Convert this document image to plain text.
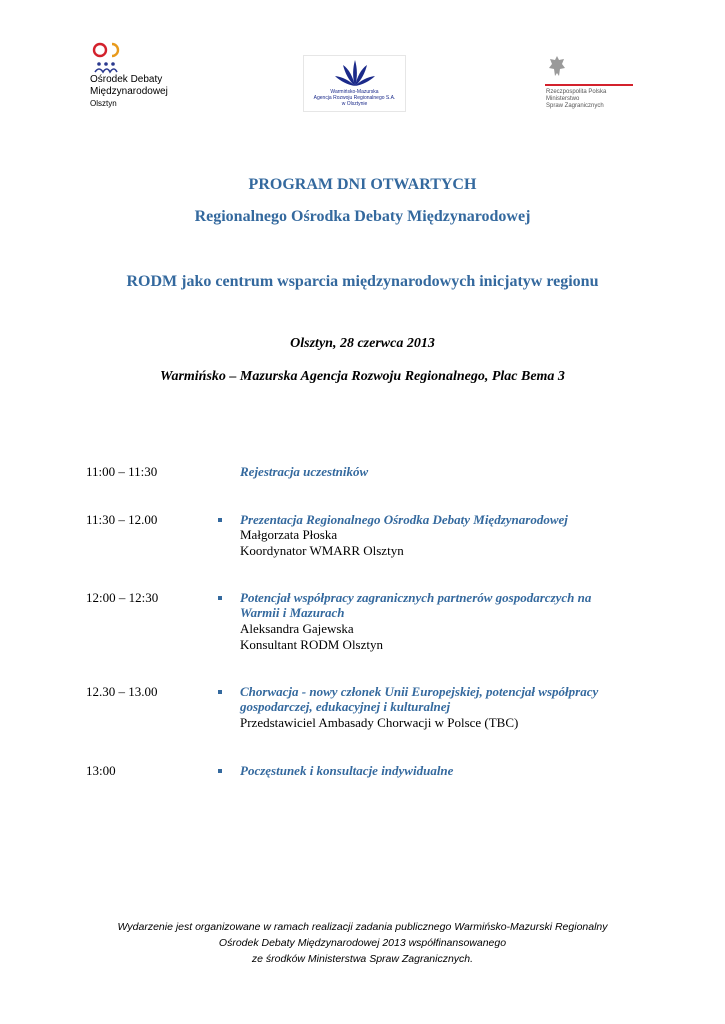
Ośrodek Debaty
Międzynarodowej
Olsztyn
Warmińsko-Mazurska
Agencja Rozwoju Regionalnego S.A.
w Olsztynie
Rzeczpospolita Polska
Ministerstwo
Spraw Zagranicznych
PROGRAM DNI OTWARTYCH
Regionalnego Ośrodka Debaty Międzynarodowej
RODM jako centrum wsparcia międzynarodowych inicjatyw regionu
Olsztyn, 28 czerwca 2013
Warmińsko – Mazurska Agencja Rozwoju Regionalnego, Plac Bema 3
11:00 – 11:30	Rejestracja uczestników
11:30 – 12.00	Prezentacja Regionalnego Ośrodka Debaty Międzynarodowej
Małgorzata Płoska
Koordynator WMARR Olsztyn
12:00 – 12:30	Potencjał współpracy zagranicznych partnerów gospodarczych na
Warmii i Mazurach
Aleksandra Gajewska
Konsultant RODM Olsztyn
12.30 – 13.00	Chorwacja - nowy członek Unii Europejskiej, potencjał współpracy
gospodarczej, edukacyjnej i kulturalnej
Przedstawiciel Ambasady Chorwacji w Polsce (TBC)
13:00	Poczęstunek i konsultacje indywidualne
Wydarzenie jest organizowane w ramach realizacji zadania publicznego Warmińsko-Mazurski Regionalny
Ośrodek Debaty Międzynarodowej 2013 współfinansowanego
ze środków Ministerstwa Spraw Zagranicznych.
